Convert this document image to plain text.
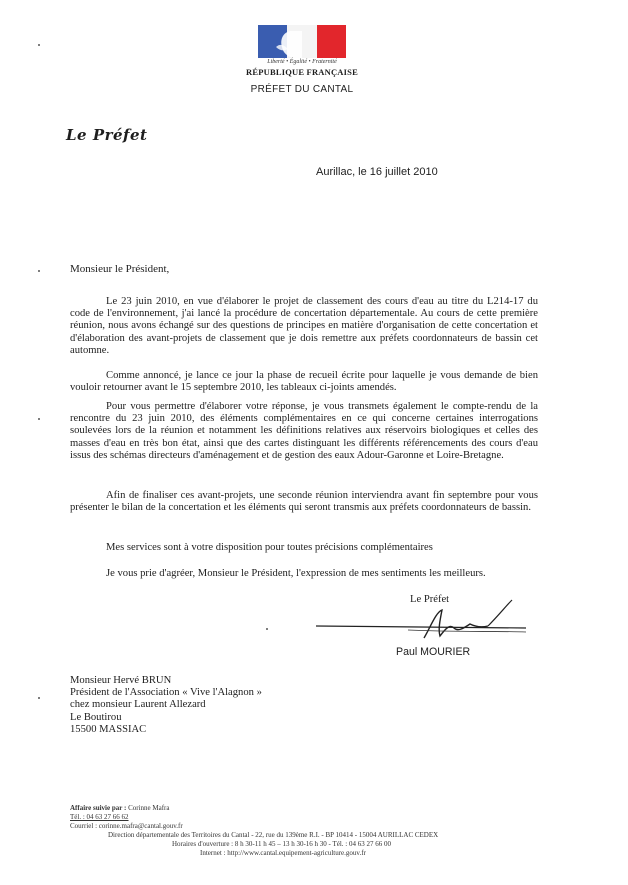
Liberté • Égalité • Fraternité
RÉPUBLIQUE FRANÇAISE
PRÉFET DU CANTAL
Le Préfet
Aurillac, le 16 juillet 2010
Monsieur le Président,
Le 23 juin 2010, en vue d'élaborer le projet de classement des cours d'eau au titre du L214-17 du code de l'environnement, j'ai lancé la procédure de concertation départementale. Au cours de cette première réunion, nous avons échangé sur des questions de principes en matière d'organisation de cette concertation et d'élaboration des avant-projets de classement que je dois remettre aux préfets coordonnateurs de bassin cet automne.
Comme annoncé, je lance ce jour la phase de recueil écrite pour laquelle je vous demande de bien vouloir retourner avant le 15 septembre 2010, les tableaux ci-joints amendés.
Pour vous permettre d'élaborer votre réponse, je vous transmets également le compte-rendu de la rencontre du 23 juin 2010, des éléments complémentaires en ce qui concerne certaines interrogations soulevées lors de la réunion et notamment les définitions relatives aux réservoirs biologiques et celles des masses d'eau en très bon état, ainsi que des cartes distinguant les différents référencements des cours d'eau issus des schémas directeurs d'aménagement et de gestion des eaux Adour-Garonne et Loire-Bretagne.
Afin de finaliser ces avant-projets, une seconde réunion interviendra avant fin septembre pour vous présenter le bilan de la concertation et les éléments qui seront transmis aux préfets coordonnateurs de bassin.
Mes services sont à votre disposition pour toutes précisions complémentaires
Je vous prie d'agréer, Monsieur le Président, l'expression de mes sentiments les meilleurs.
Le Préfet
Paul MOURIER
Monsieur Hervé BRUN
Président de l'Association « Vive l'Alagnon »
chez monsieur Laurent Allezard
Le Boutirou
15500 MASSIAC
Affaire suivie par : Corinne Mafra
Tél. : 04 63 27 66 62
Courriel : corinne.mafra@cantal.gouv.fr
Direction départementale des Territoires du Cantal - 22, rue du 139ème R.I. - BP 10414 - 15004 AURILLAC CEDEX
Horaires d'ouverture : 8 h 30-11 h 45 – 13 h 30-16 h 30 - Tél. : 04 63 27 66 00
Internet : http://www.cantal.equipement-agriculture.gouv.fr
